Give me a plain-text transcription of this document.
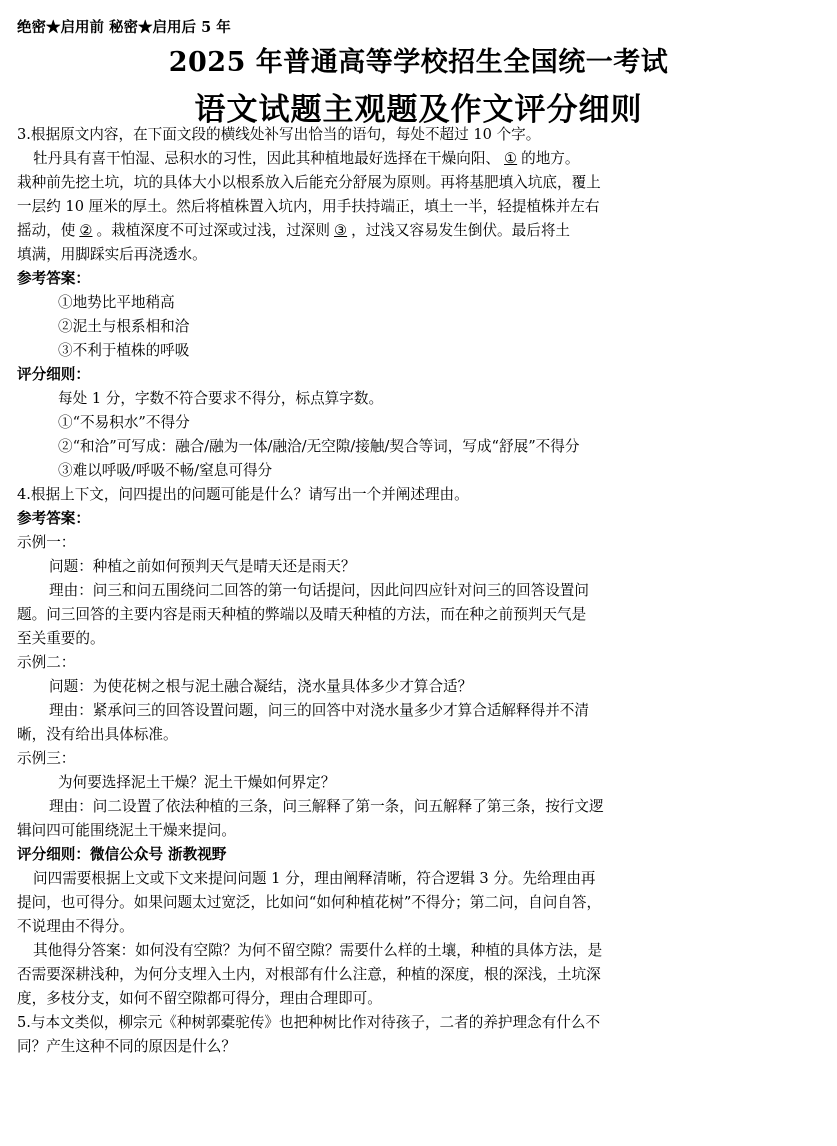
绝密★启用前 秘密★启用后 5 年
2025 年普通高等学校招生全国统一考试
语文试题主观题及作文评分细则
3.根据原文内容，在下面文段的横线处补写出恰当的语句，每处不超过 10 个字。
牡丹具有喜干怕湿、忌积水的习性，因此其种植地最好选择在干燥向阳、 ① 的地方。
栽种前先挖土坑，坑的具体大小以根系放入后能充分舒展为原则。再将基肥填入坑底，覆上
一层约 10 厘米的厚土。然后将植株置入坑内，用手扶持端正，填土一半，轻提植株并左右
摇动，使 ② 。栽植深度不可过深或过浅，过深则 ③ ，过浅又容易发生倒伏。最后将土
填满，用脚踩实后再浇透水。
参考答案：
①地势比平地稍高
②泥土与根系相和洽
③不利于植株的呼吸
评分细则：
每处 1 分，字数不符合要求不得分，标点算字数。
①“不易积水”不得分
②“和洽”可写成：融合/融为一体/融洽/无空隙/接触/契合等词，写成“舒展”不得分
③难以呼吸/呼吸不畅/窒息可得分
4.根据上下文，问四提出的问题可能是什么？请写出一个并阐述理由。
参考答案：
示例一：
问题：种植之前如何预判天气是晴天还是雨天？
理由：问三和问五围绕问二回答的第一句话提问，因此问四应针对问三的回答设置问
题。问三回答的主要内容是雨天种植的弊端以及晴天种植的方法，而在种之前预判天气是
至关重要的。
示例二：
问题：为使花树之根与泥土融合凝结，浇水量具体多少才算合适？
理由：紧承问三的回答设置问题，问三的回答中对浇水量多少才算合适解释得并不清
晰，没有给出具体标准。
示例三：
为何要选择泥土干燥？泥土干燥如何界定？
理由：问二设置了依法种植的三条，问三解释了第一条，问五解释了第三条，按行文逻
辑问四可能围绕泥土干燥来提问。
评分细则：微信公众号 浙教视野
问四需要根据上文或下文来提问问题 1 分，理由阐释清晰，符合逻辑 3 分。先给理由再
提问，也可得分。如果问题太过宽泛，比如问“如何种植花树”不得分；第二问，自问自答，
不说理由不得分。
其他得分答案：如何没有空隙？为何不留空隙？需要什么样的土壤，种植的具体方法，是
否需要深耕浅种，为何分支埋入土内，对根部有什么注意，种植的深度，根的深浅，土坑深
度，多枝分支，如何不留空隙都可得分，理由合理即可。
5.与本文类似，柳宗元《种树郭橐驼传》也把种树比作对待孩子，二者的养护理念有什么不
同？产生这种不同的原因是什么？
